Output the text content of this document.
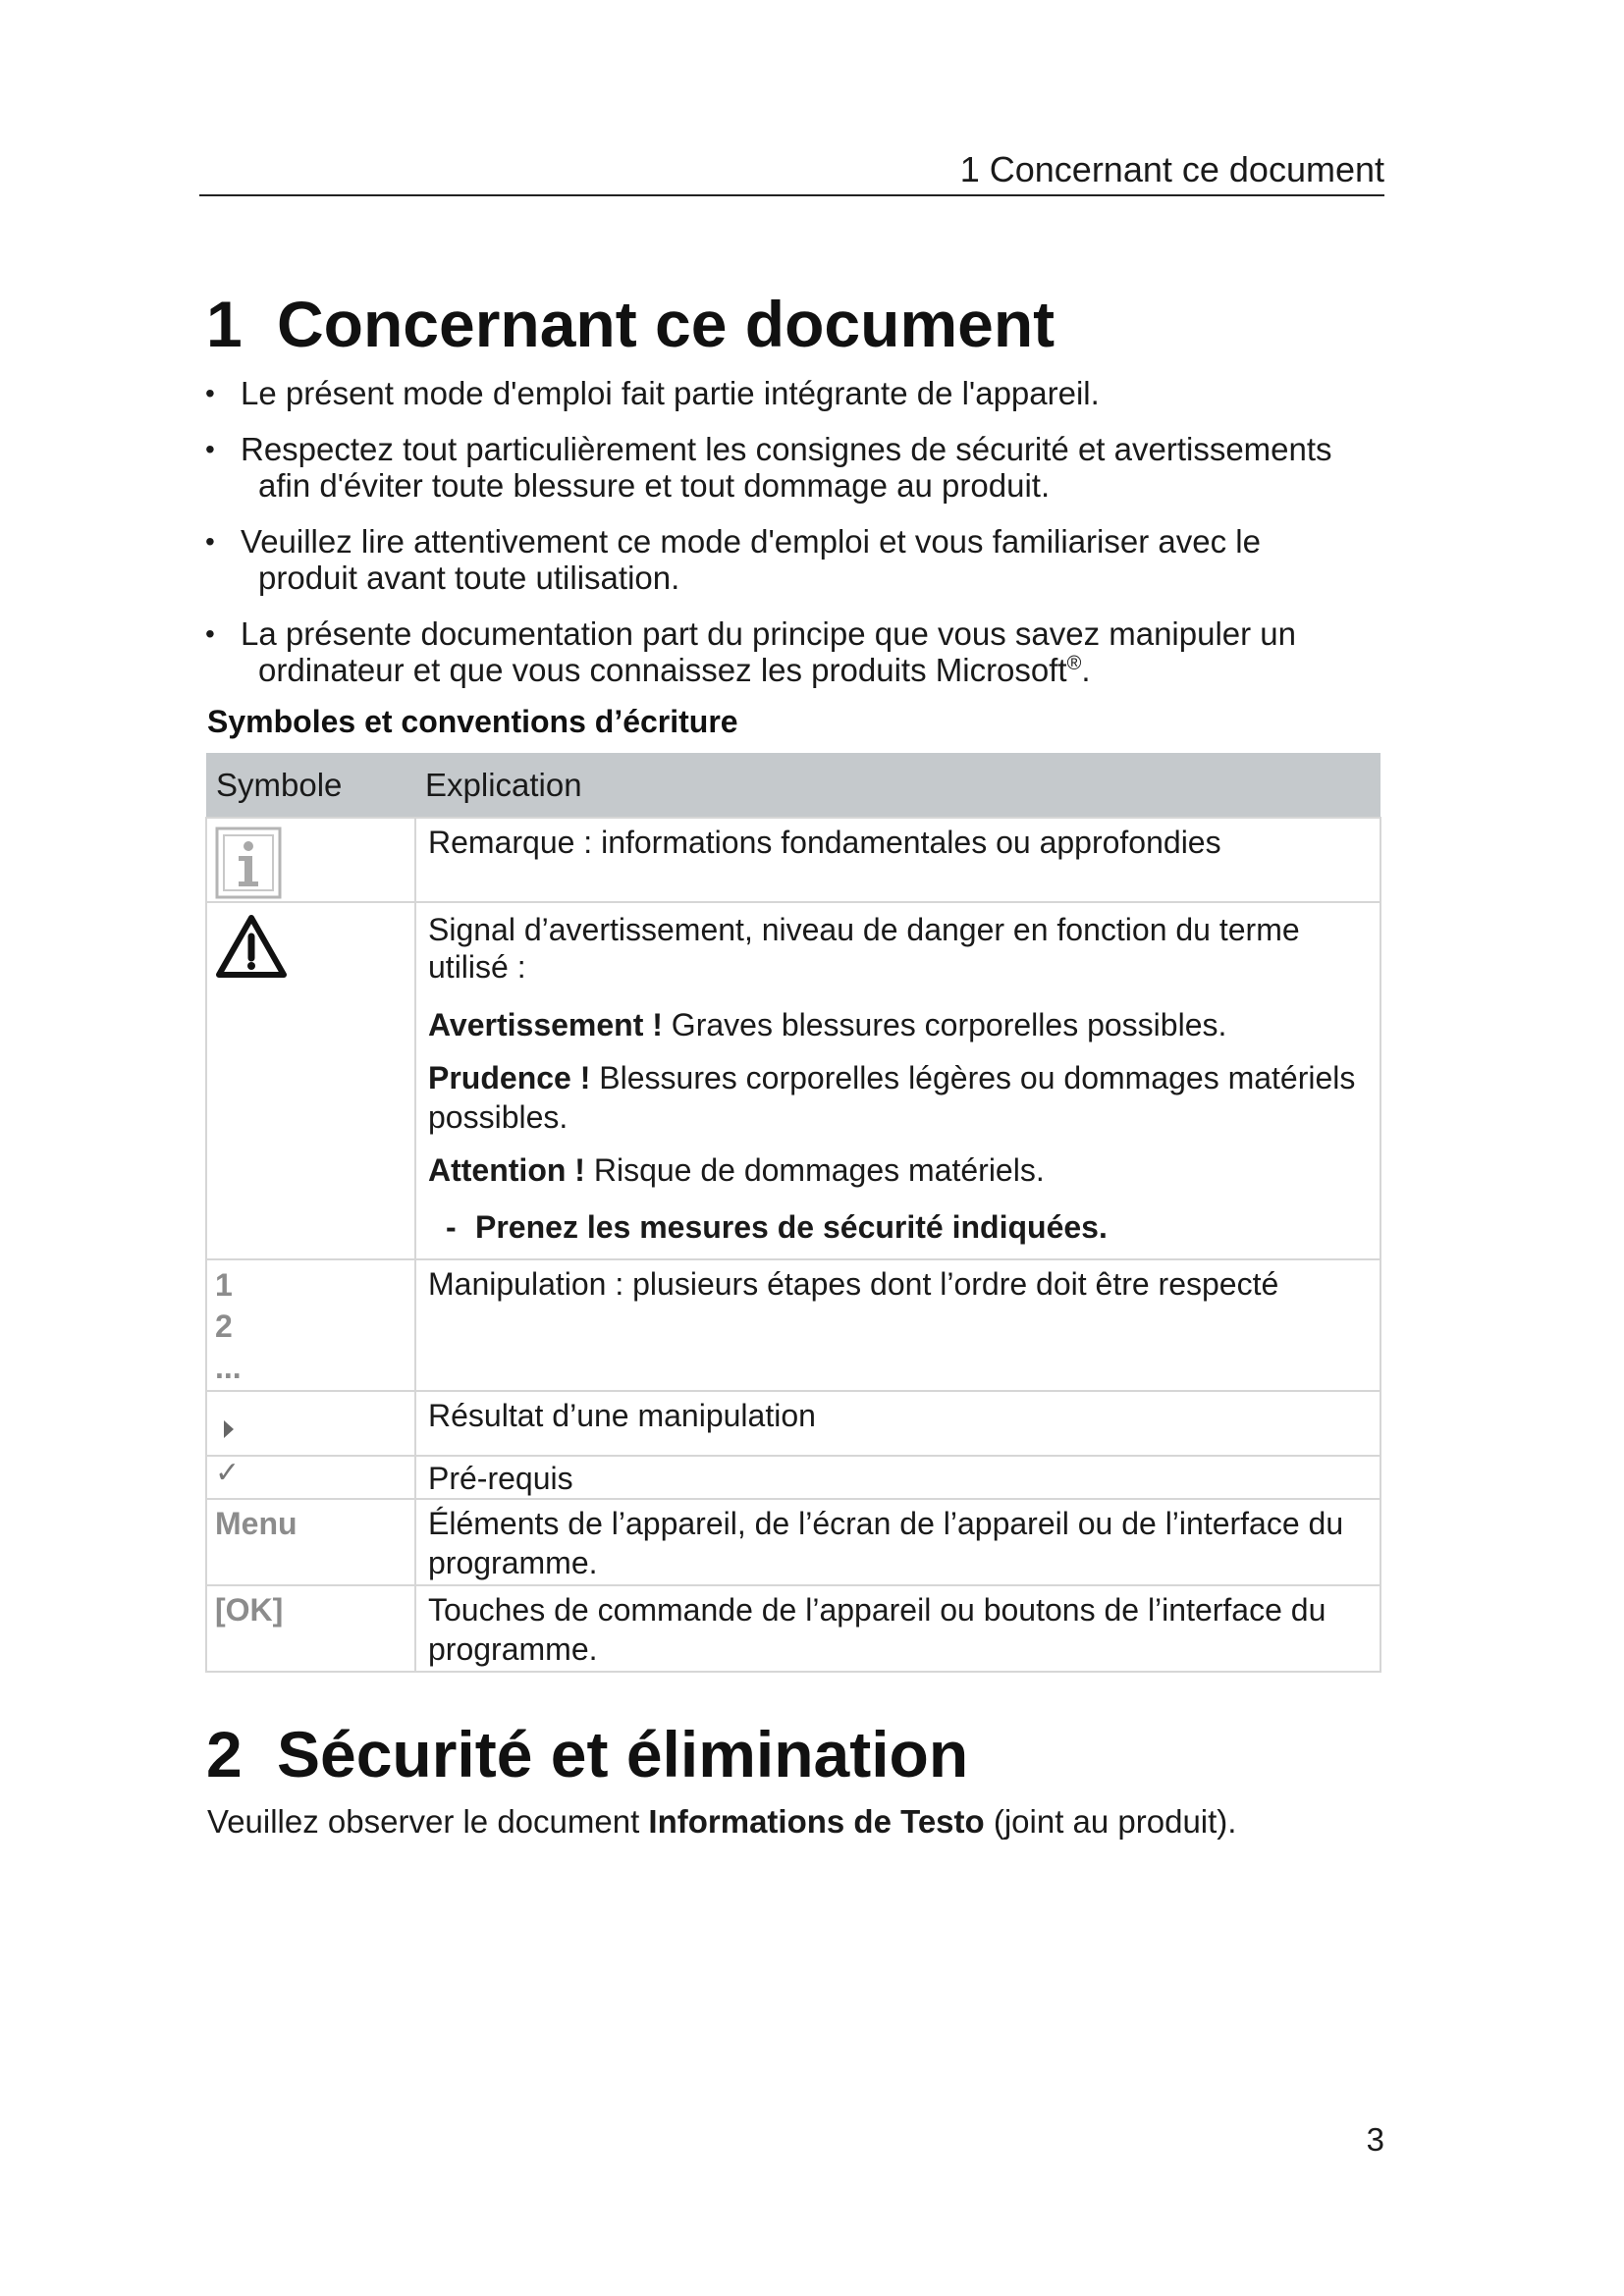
1 Concernant ce document
1 Concernant ce document
• Le présent mode d'emploi fait partie intégrante de l'appareil.
• Respectez tout particulièrement les consignes de sécurité et avertissements
afin d'éviter toute blessure et tout dommage au produit.
• Veuillez lire attentivement ce mode d'emploi et vous familiariser avec le
produit avant toute utilisation.
• La présente documentation part du principe que vous savez manipuler un
ordinateur et que vous connaissez les produits Microsoft®.
Symboles et conventions d’écriture
Symbole	Explication

	Remarque : informations fondamentales ou approfondies

Signal d’avertissement, niveau de danger en fonction du terme utilisé :

Avertissement ! Graves blessures corporelles possibles.

Prudence ! Blessures corporelles légères ou dommages matériels possibles.

Attention ! Risque de dommages matériels.

- Prenez les mesures de sécurité indiquées.

1
2
...	Manipulation : plusieurs étapes dont l’ordre doit être respecté

	Résultat d’une manipulation

✓	Pré-requis

Menu	Éléments de l’appareil, de l’écran de l’appareil ou de l’interface du programme.

[OK]	Touches de commande de l’appareil ou boutons de l’interface du programme.
2 Sécurité et élimination
Veuillez observer le document Informations de Testo (joint au produit).
3
